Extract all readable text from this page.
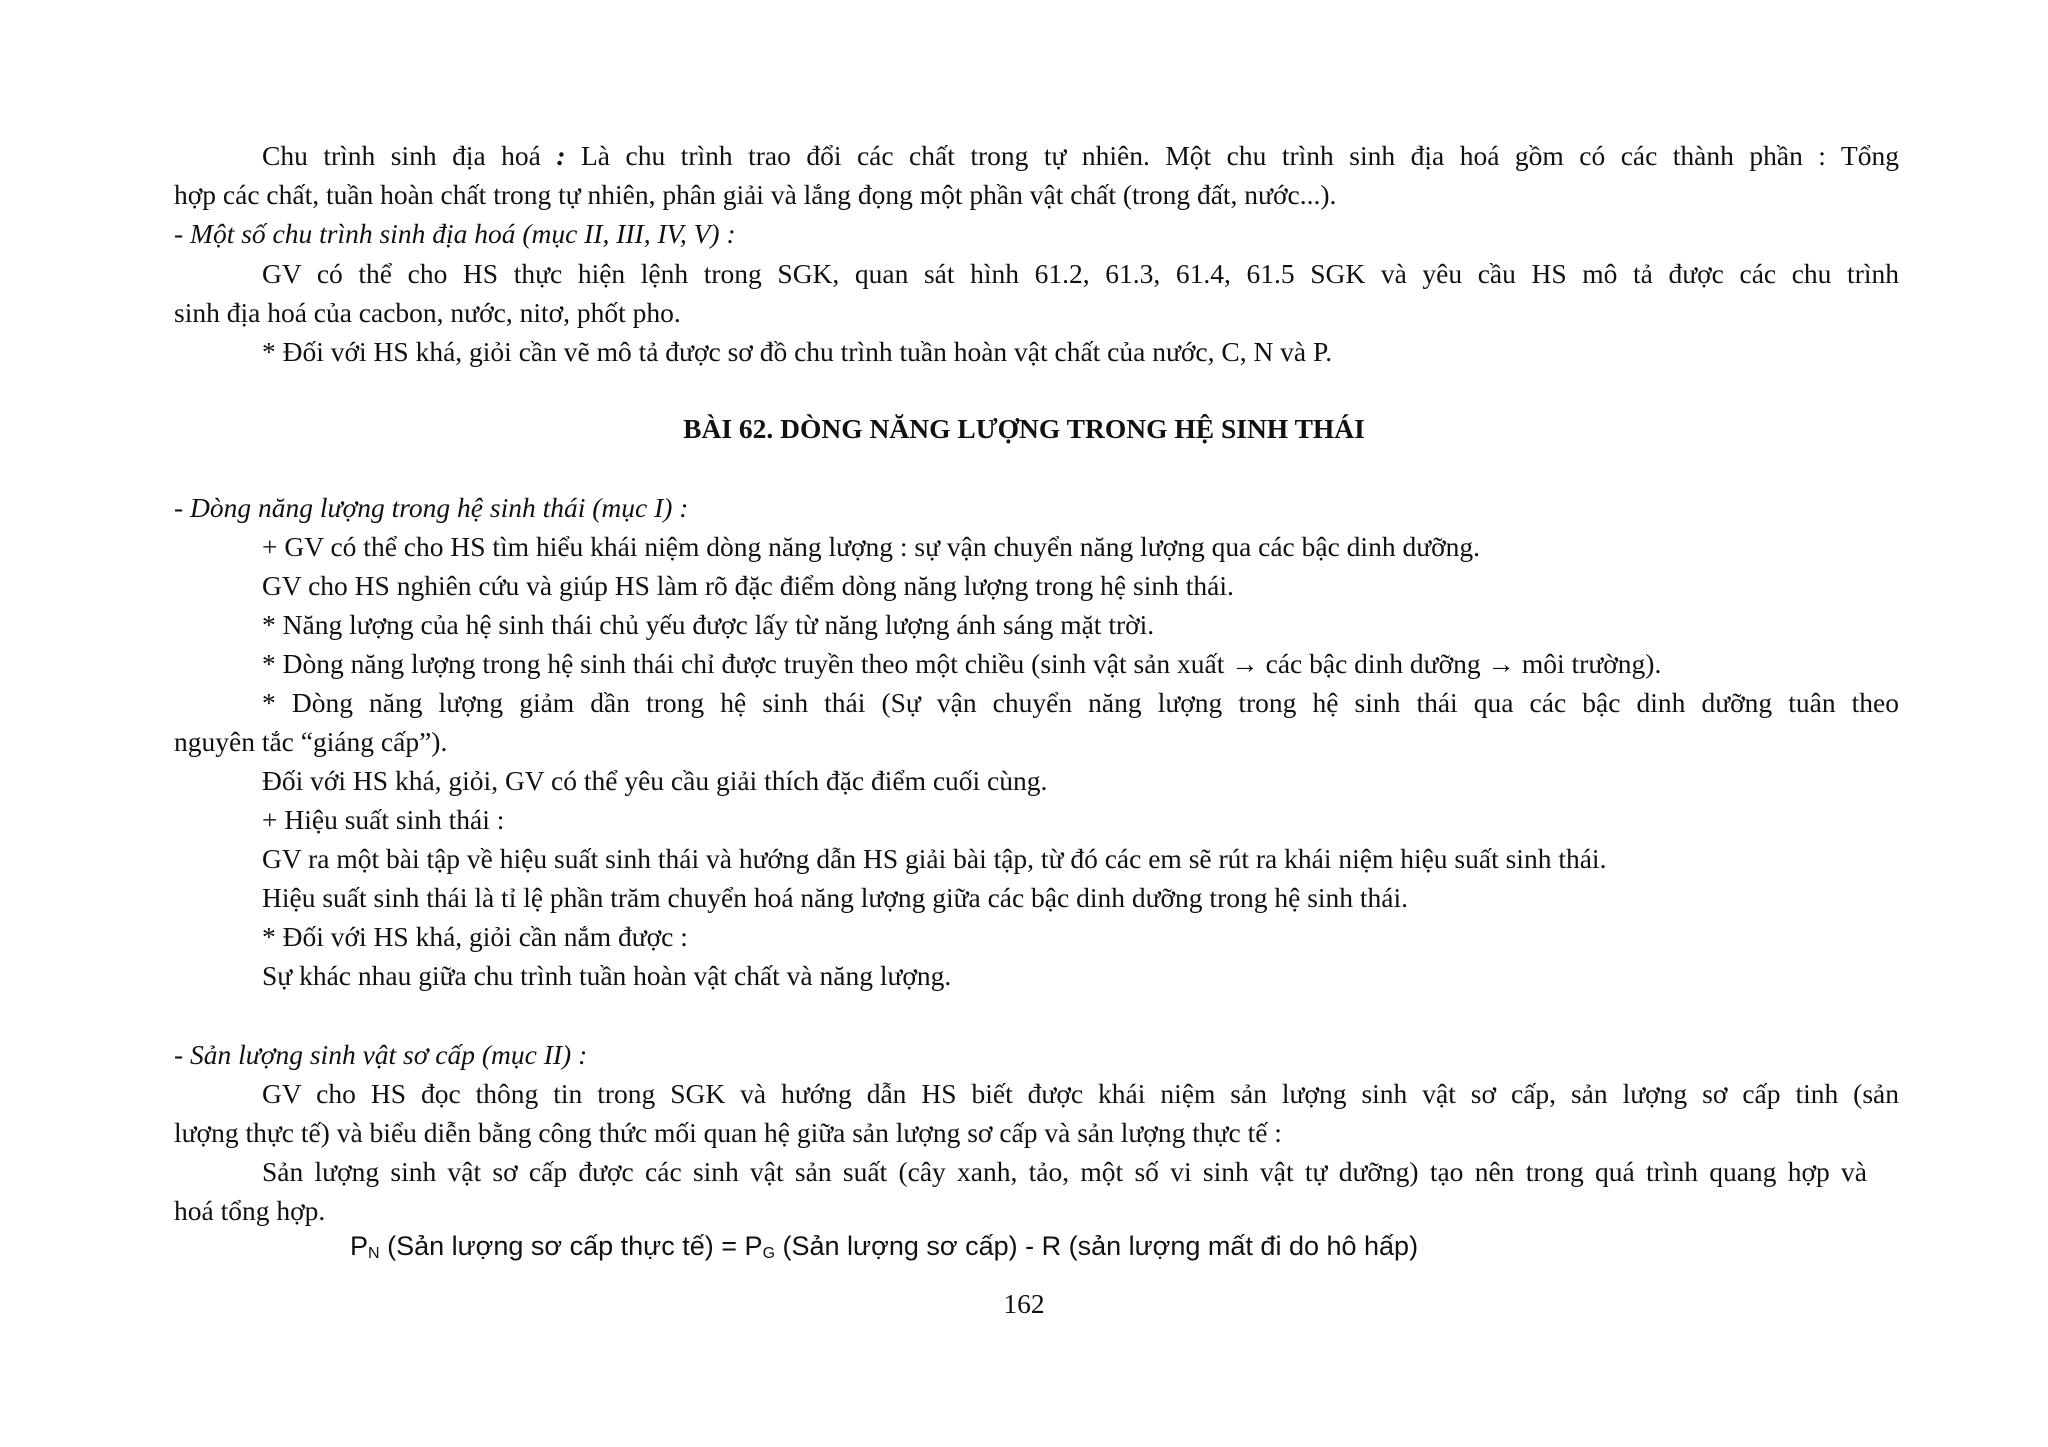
Chu trình sinh địa hoá : Là chu trình trao đổi các chất trong tự nhiên. Một chu trình sinh địa hoá gồm có các thành phần : Tổng
hợp các chất, tuần hoàn chất trong tự nhiên, phân giải và lắng đọng một phần vật chất (trong đất, nước...).
- Một số chu trình sinh địa hoá (mục II, III, IV, V) :
GV có thể cho HS thực hiện lệnh trong SGK, quan sát hình 61.2, 61.3, 61.4, 61.5 SGK và yêu cầu HS mô tả được các chu trình
sinh địa hoá của cacbon, nước, nitơ, phốt pho.
* Đối với HS khá, giỏi cần vẽ mô tả được sơ đồ chu trình tuần hoàn vật chất của nước, C, N và P.
BÀI 62. DÒNG NĂNG LƯỢNG TRONG HỆ SINH THÁI
- Dòng năng lượng trong hệ sinh thái (mục I) :
+ GV có thể cho HS tìm hiểu khái niệm dòng năng lượng : sự vận chuyển năng lượng qua các bậc dinh dưỡng.
GV cho HS nghiên cứu và giúp HS làm rõ đặc điểm dòng năng lượng trong hệ sinh thái.
* Năng lượng của hệ sinh thái chủ yếu được lấy từ năng lượng ánh sáng mặt trời.
* Dòng năng lượng trong hệ sinh thái chỉ được truyền theo một chiều (sinh vật sản xuất → các bậc dinh dưỡng → môi trường).
* Dòng năng lượng giảm dần trong hệ sinh thái (Sự vận chuyển năng lượng trong hệ sinh thái qua các bậc dinh dưỡng tuân theo
nguyên tắc “giáng cấp”).
Đối với HS khá, giỏi, GV có thể yêu cầu giải thích đặc điểm cuối cùng.
+ Hiệu suất sinh thái :
GV ra một bài tập về hiệu suất sinh thái và hướng dẫn HS giải bài tập, từ đó các em sẽ rút ra khái niệm hiệu suất sinh thái.
Hiệu suất sinh thái là tỉ lệ phần trăm chuyển hoá năng lượng giữa các bậc dinh dưỡng trong hệ sinh thái.
* Đối với HS khá, giỏi cần nắm được :
Sự khác nhau giữa chu trình tuần hoàn vật chất và năng lượng.
- Sản lượng sinh vật sơ cấp (mục II) :
GV cho HS đọc thông tin trong SGK và hướng dẫn HS biết được khái niệm sản lượng sinh vật sơ cấp, sản lượng sơ cấp tinh (sản
lượng thực tế) và biểu diễn bằng công thức mối quan hệ giữa sản lượng sơ cấp và sản lượng thực tế :
Sản lượng sinh vật sơ cấp được các sinh vật sản suất (cây xanh, tảo, một số vi sinh vật tự dưỡng) tạo nên trong quá trình quang hợp và
hoá tổng hợp.
$P_N$ (Sản lượng sơ cấp thực tế) = $P_G$ (Sản lượng sơ cấp) - R (sản lượng mất đi do hô hấp)
162
